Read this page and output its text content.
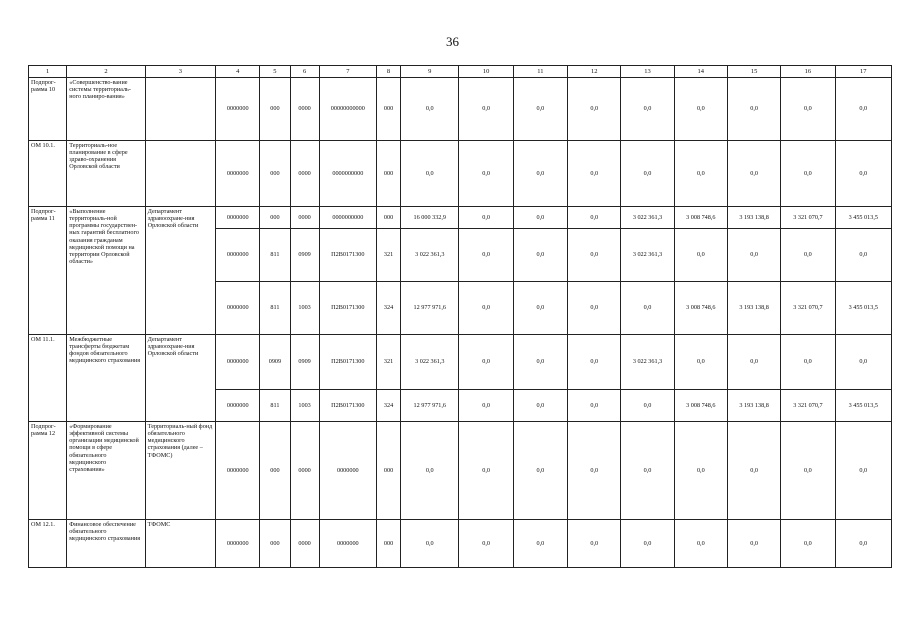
36
1	2	3	4	5	6	7	8	9	10	11	12	13	14	15	16	17
Подпрог-рамма 10	«Совершенство-вание системы территориаль-ного планиро-вания»		0000000	000	0000	00000000000	000	0,0	0,0	0,0	0,0	0,0	0,0	0,0	0,0	0,0
ОМ 10.1.	Территориаль-ное планирование в сфере здраво-охранения Орловской области		0000000	000	0000	0000000000	000	0,0	0,0	0,0	0,0	0,0	0,0	0,0	0,0	0,0
Подпрог-рамма 11	«Выполнение территориаль-ной программы государствен-ных гарантий бесплатного оказания гражданам медицинской помощи на территории Орловской области»	Департамент здравоохране-ния Орловской области	0000000	000	0000	0000000000	000	16 000 332,9	0,0	0,0	0,0	3 022 361,3	3 008 748,6	3 193 138,8	3 321 070,7	3 455 013,5
			0000000	811	0909	П2В0171300	321	3 022 361,3	0,0	0,0	0,0	3 022 361,3	0,0	0,0	0,0	0,0
			0000000	811	1003	П2В0171300	324	12 977 971,6	0,0	0,0	0,0	0,0	3 008 748,6	3 193 138,8	3 321 070,7	3 455 013,5
ОМ 11.1.	Межбюджетные трансферты бюджетам фондов обязательного медицинского страхования	Департамент здравоохране-ния Орловской области	0000000	0909	0909	П2В0171300	321	3 022 361,3	0,0	0,0	0,0	3 022 361,3	0,0	0,0	0,0	0,0
			0000000	811	1003	П2В0171300	324	12 977 971,6	0,0	0,0	0,0	0,0	3 008 748,6	3 193 138,8	3 321 070,7	3 455 013,5
Подпрог-рамма 12	«Формирование эффективной системы организации медицинской помощи в сфере обязательного медицинского страхования»	Территориаль-ный фонд обязательного медицинского страхования (далее – ТФОМС)	0000000	000	0000	0000000	000	0,0	0,0	0,0	0,0	0,0	0,0	0,0	0,0	0,0
ОМ 12.1.	Финансовое обеспечение обязательного медицинского страхования	ТФОМС	0000000	000	0000	0000000	000	0,0	0,0	0,0	0,0	0,0	0,0	0,0	0,0	0,0
